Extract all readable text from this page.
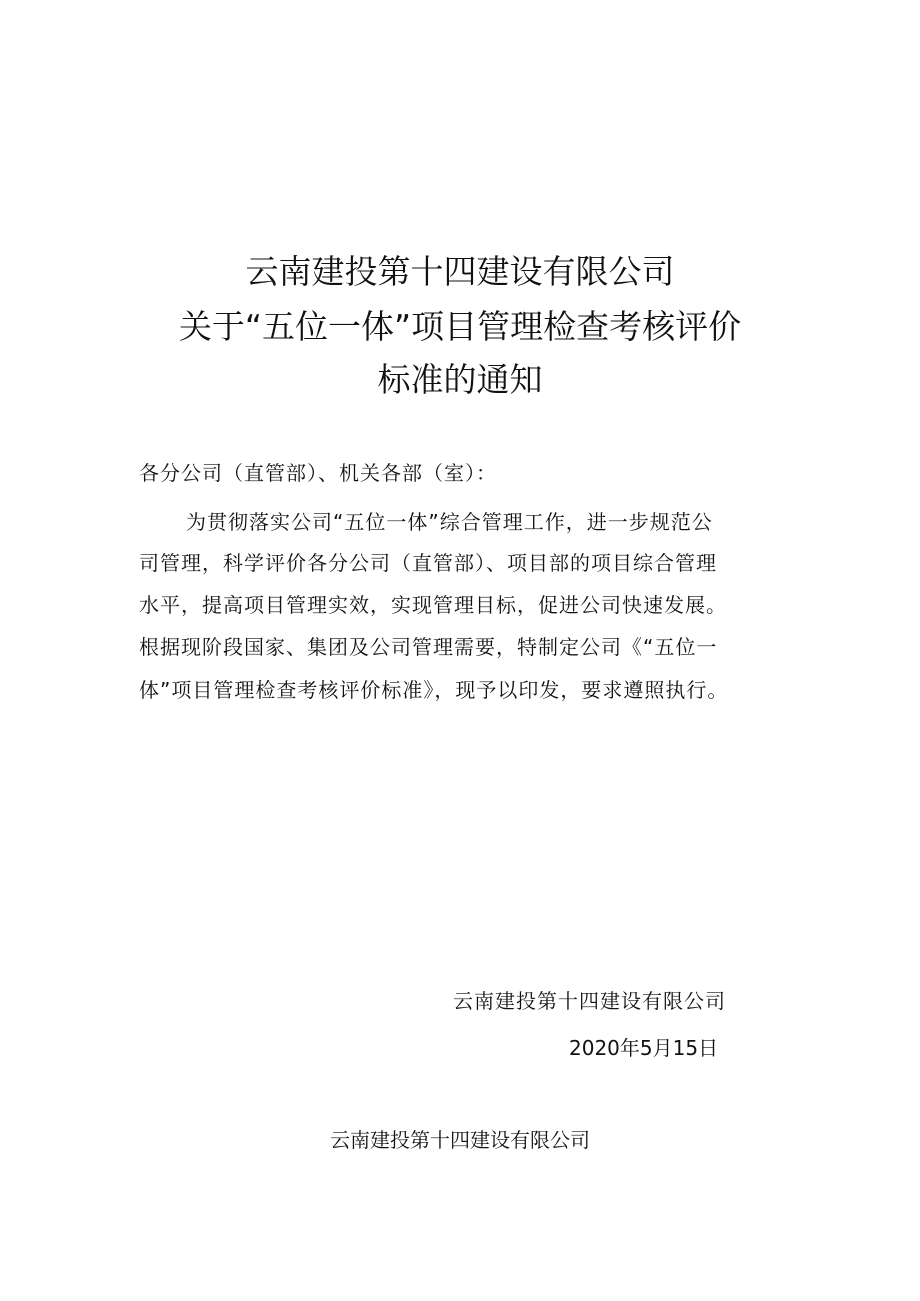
云南建投第十四建设有限公司
关于“五位一体”项目管理检查考核评价
标准的通知

各分公司（直管部）、机关各部（室）：

为贯彻落实公司“五位一体”综合管理工作，进一步规范公

司管理，科学评价各分公司（直管部）、项目部的项目综合管理

水平，提高项目管理实效，实现管理目标，促进公司快速发展。

根据现阶段国家、集团及公司管理需要，特制定公司《“五位一

体”项目管理检查考核评价标准》，现予以印发，要求遵照执行。

云南建投第十四建设有限公司

2020年5月15日

云南建投第十四建设有限公司
